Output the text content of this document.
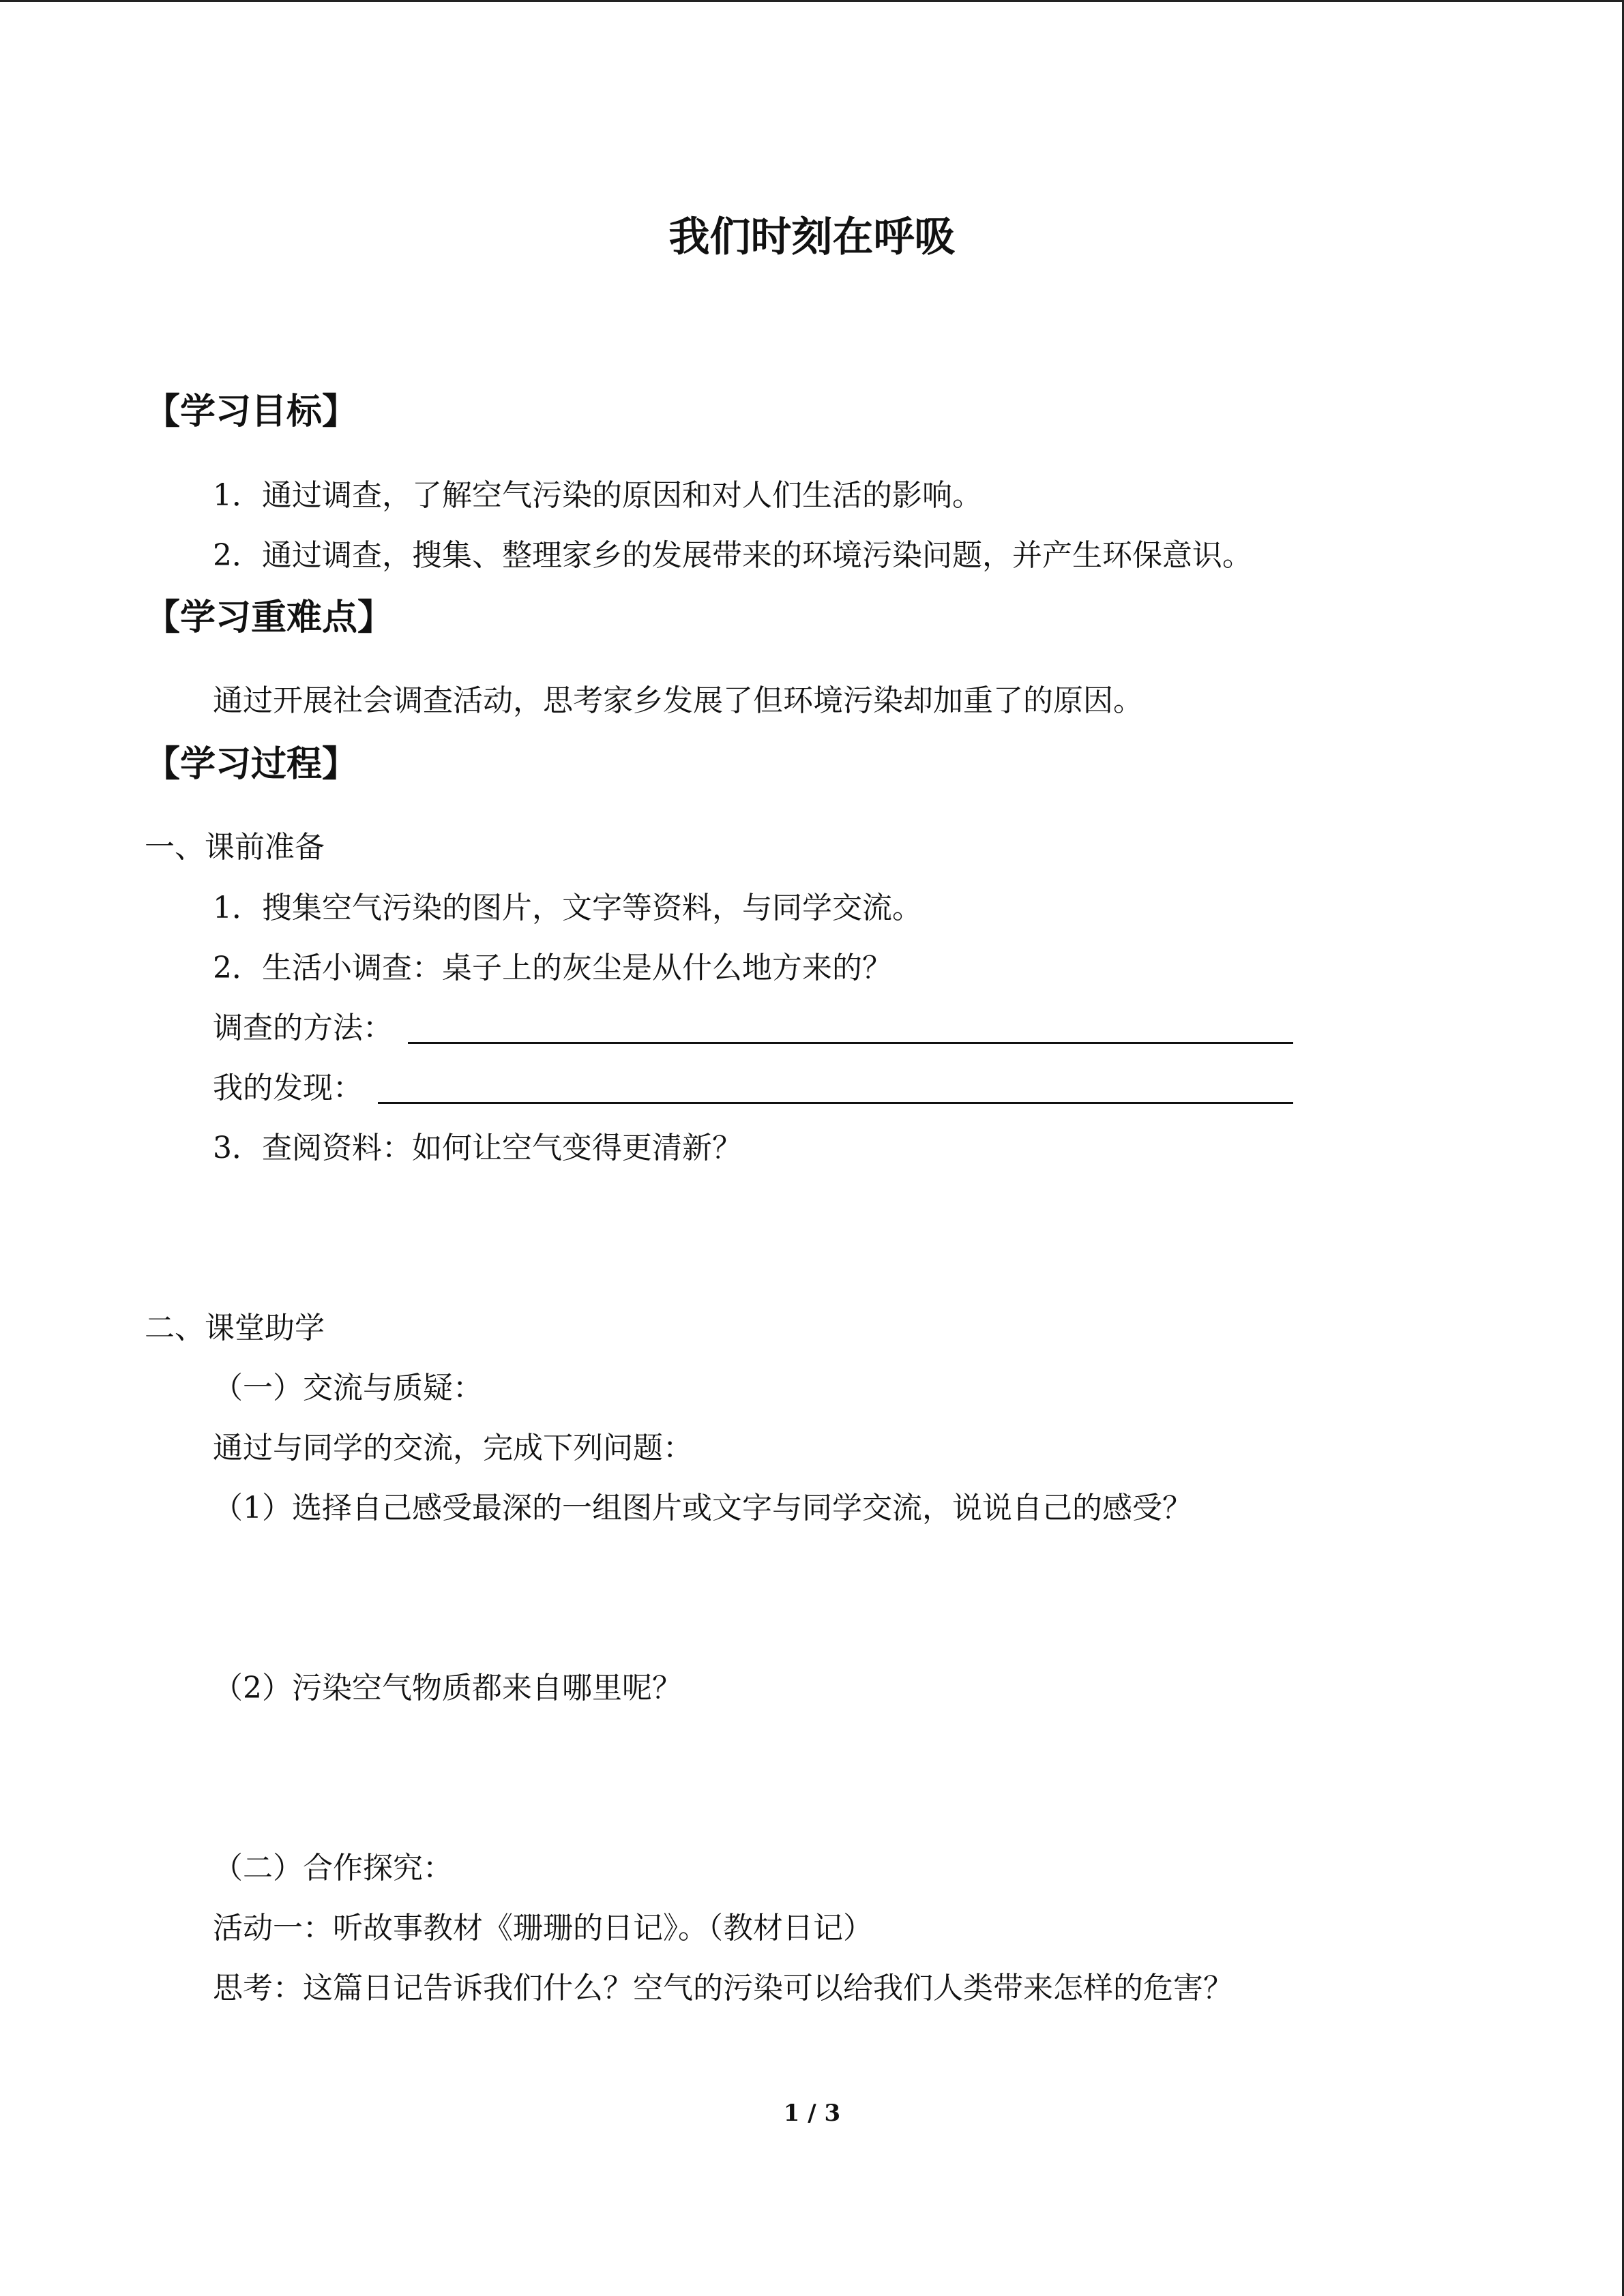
我们时刻在呼吸
【学习目标】
1．通过调查，了解空气污染的原因和对人们生活的影响。
2．通过调查，搜集、整理家乡的发展带来的环境污染问题，并产生环保意识。
【学习重难点】
通过开展社会调查活动，思考家乡发展了但环境污染却加重了的原因。
【学习过程】
一、课前准备
1．搜集空气污染的图片，文字等资料，与同学交流。
2．生活小调查：桌子上的灰尘是从什么地方来的？
调查的方法：
我的发现：
3．查阅资料：如何让空气变得更清新？
二、课堂助学
（一）交流与质疑：
通过与同学的交流，完成下列问题：
（1）选择自己感受最深的一组图片或文字与同学交流，说说自己的感受？
（2）污染空气物质都来自哪里呢？
（二）合作探究：
活动一：听故事教材《珊珊的日记》。（教材日记）
思考：这篇日记告诉我们什么？空气的污染可以给我们人类带来怎样的危害？
1 / 3
